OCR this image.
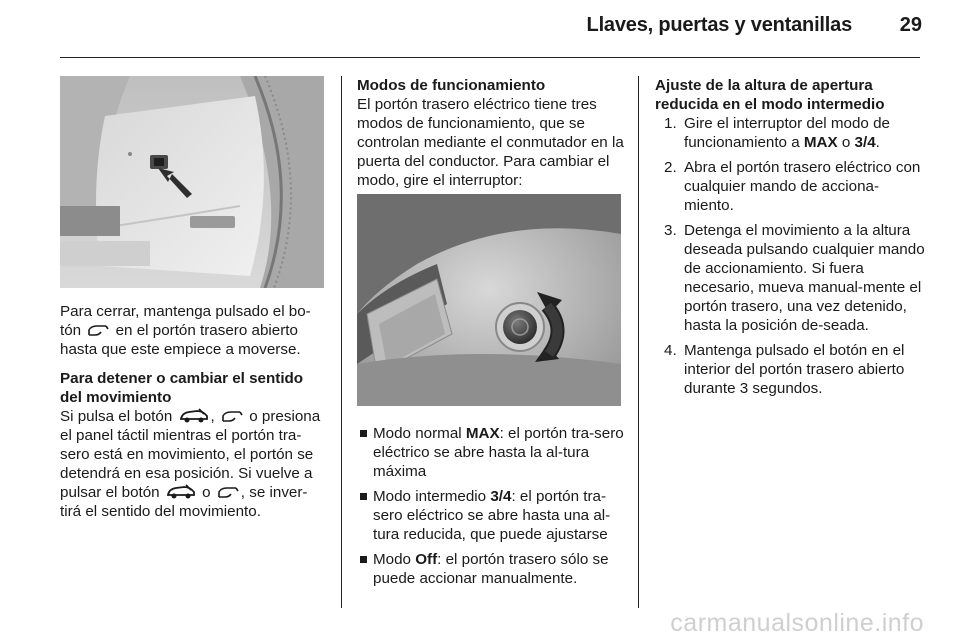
Llaves, puertas y ventanillas 29

Para cerrar, mantenga pulsado el bo-
tón en el portón trasero abierto
hasta que este empiece a moverse.

Para detener o cambiar el sentido del movimiento

Si pulsa el botón	, o presiona
el panel táctil mientras el portón tra-
sero está en movimiento, el portón se
detendrá en esa posición. Si vuelve a
pulsar el botón	o , se inver-
tirá el sentido del movimiento.

Modos de funcionamiento

El portón trasero eléctrico tiene tres modos de funcionamiento, que se controlan mediante el conmutador en la puerta del conductor. Para cambiar el modo, gire el interruptor:

Modo normal MAX: el portón tra-sero eléctrico se abre hasta la al-tura máxima
Modo intermedio 3/4: el portón tra-sero eléctrico se abre hasta una al-tura reducida, que puede ajustarse
Modo Off: el portón trasero sólo se puede accionar manualmente.

Ajuste de la altura de apertura reducida en el modo intermedio

1. Gire el interruptor del modo de funcionamiento a MAX o 3/4.
2. Abra el portón trasero eléctrico con cualquier mando de acciona-miento.
3. Detenga el movimiento a la altura deseada pulsando cualquier mando de accionamiento. Si fuera necesario, mueva manual-mente el portón trasero, una vez detenido, hasta la posición de-seada.
4. Mantenga pulsado el botón en el interior del portón trasero abierto durante 3 segundos.
carmanualsonline.info
